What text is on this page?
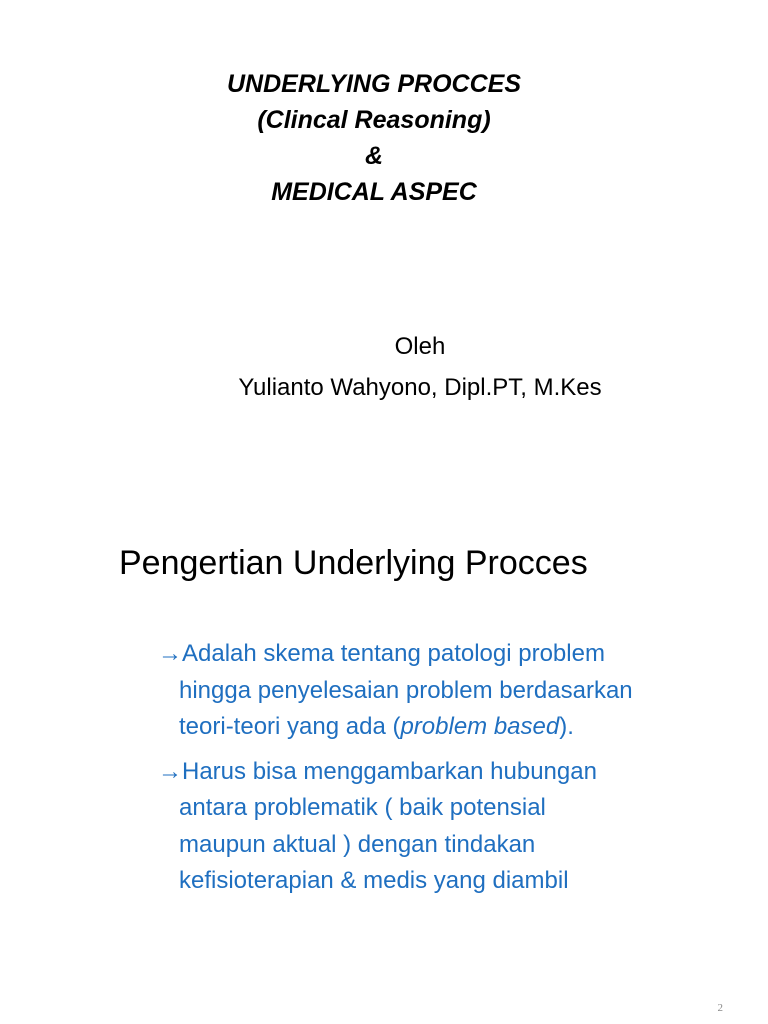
UNDERLYING PROCCES
(Clincal Reasoning)
&
MEDICAL ASPEC
Oleh
Yulianto Wahyono, Dipl.PT, M.Kes
Pengertian Underlying Procces
→Adalah skema tentang patologi problem
hingga penyelesaian problem berdasarkan
teori-teori yang ada (problem based).
→Harus bisa menggambarkan hubungan
antara problematik ( baik potensial
maupun aktual ) dengan tindakan
kefisioterapian & medis yang diambil
2
